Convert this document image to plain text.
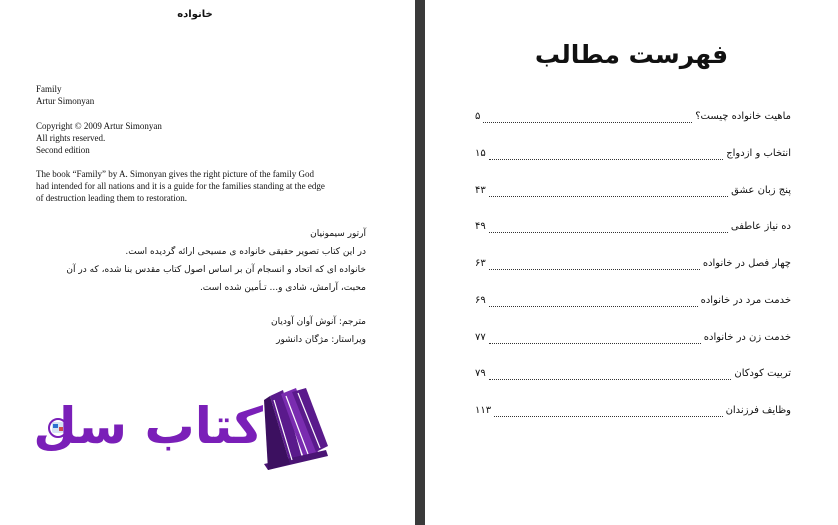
خانواده
Family
Artur Simonyan
Copyright © 2009 Artur Simonyan
All rights reserved.
Second edition
The book “Family” by A. Simonyan gives the right picture of the family God
had intended for all nations and it is a guide for the families standing at the edge
of destruction leading them to restoration.
آرتور سیمونیان
در این کتاب تصویر حقیقی خانواده ی مسیحی ارائه گردیده است.
خانواده ای که اتحاد و انسجام آن بر اساس اصول کتاب مقدس بنا شده، که در آن
محبت، آرامش، شادی و... تـأمین شده است.
مترجم: آنوش آوان آودیان
ویراستار: مژگان دانشور
کتاب سل
فهرست مطالب
ماهیت خانواده چیست؟
۵
انتخاب و ازدواج
۱۵
پنج زبان عشق
۴۳
ده نیاز عاطفی
۴۹
چهار فصل در خانواده
۶۳
خدمت مرد در خانواده
۶۹
خدمت زن در خانواده
۷۷
تربیت کودکان
۷۹
وظایف فرزندان
۱۱۳
